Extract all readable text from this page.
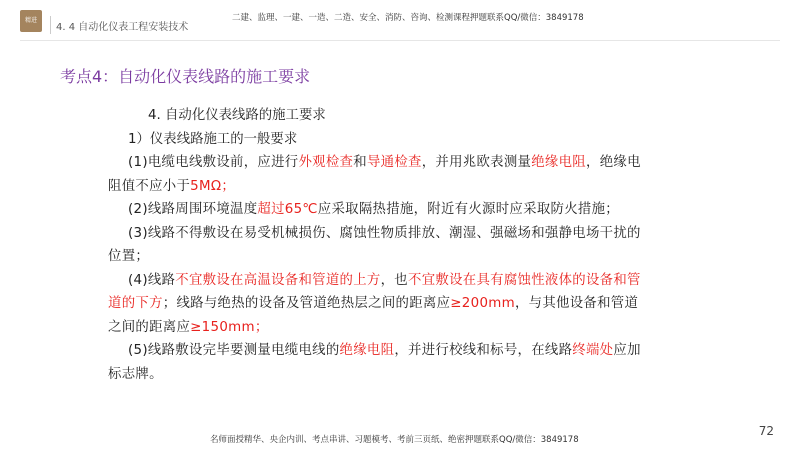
精进
4. 4 自动化仪表工程安装技术
二建、监理、一建、一造、二造、安全、消防、咨询、检测课程押题联系QQ/微信：3849178
考点4：自动化仪表线路的施工要求

4. 自动化仪表线路的施工要求

1）仪表线路施工的一般要求

(1)电缆电线敷设前，应进行外观检查和导通检查，并用兆欧表测量绝缘电阻，绝缘电阻值不应小于5MΩ；

(2)线路周围环境温度超过65℃应采取隔热措施，附近有火源时应采取防火措施；

(3)线路不得敷设在易受机械损伤、腐蚀性物质排放、潮湿、强磁场和强静电场干扰的位置；

(4)线路不宜敷设在高温设备和管道的上方，也不宜敷设在具有腐蚀性液体的设备和管道的下方；线路与绝热的设备及管道绝热层之间的距离应≥200mm，与其他设备和管道之间的距离应≥150mm；

(5)线路敷设完毕要测量电缆电线的绝缘电阻，并进行校线和标号，在线路终端处应加标志牌。

名师面授精华、央企内训、考点串讲、习题模考、考前三页纸、绝密押题联系QQ/微信：3849178
72
